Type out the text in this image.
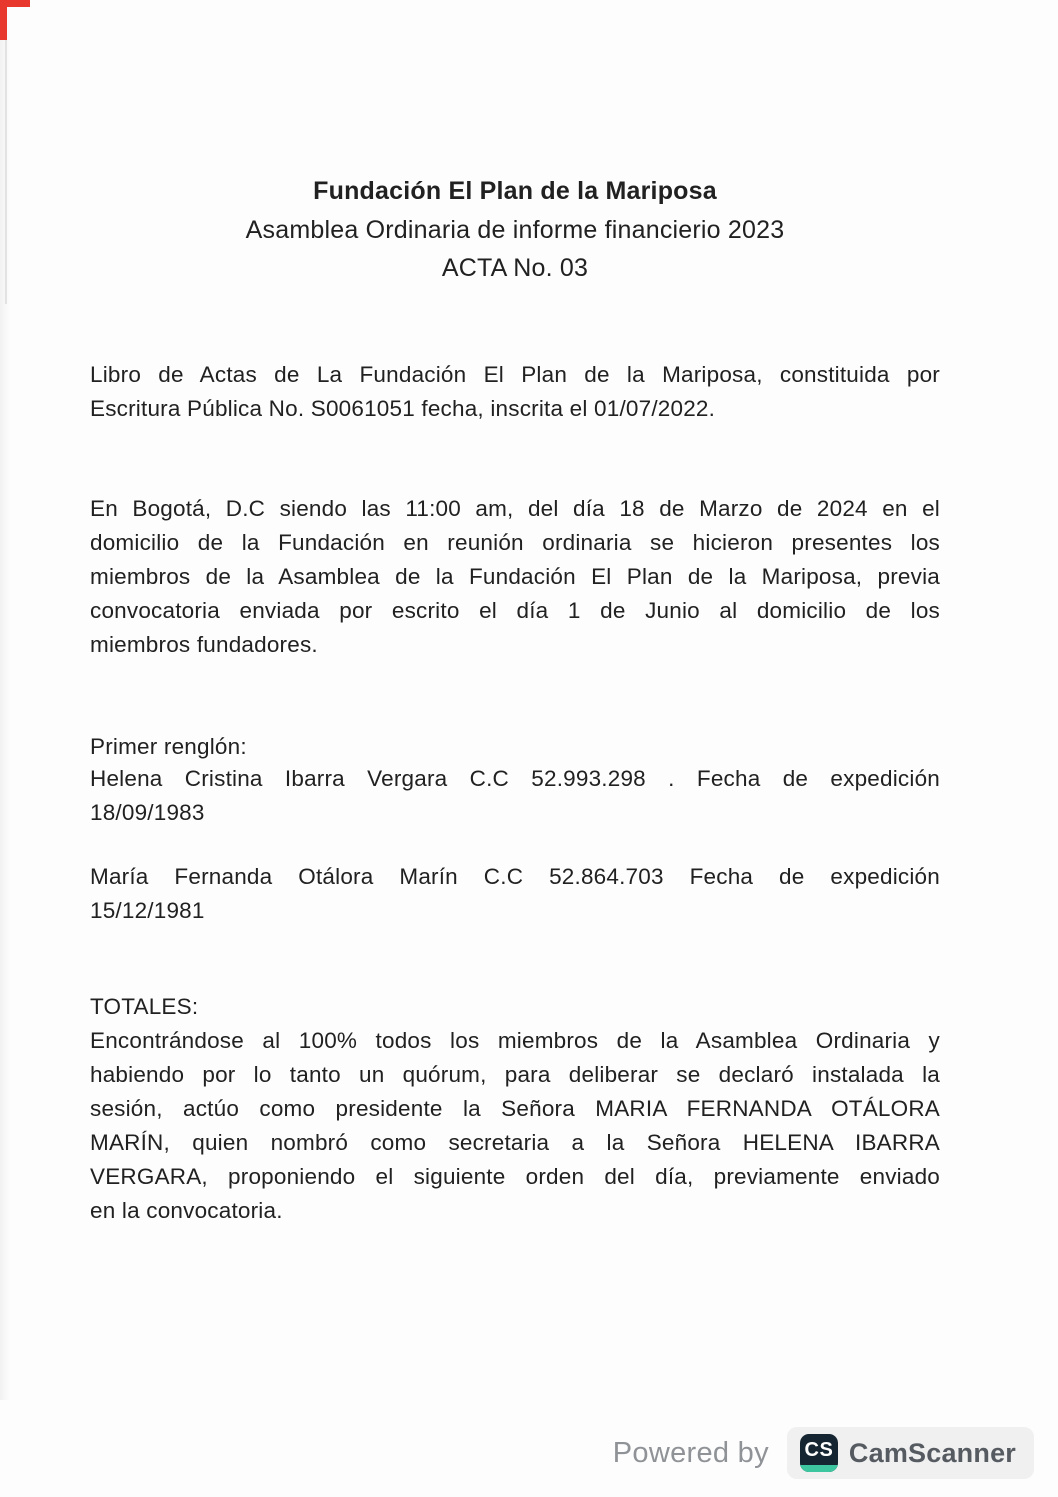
Fundación El Plan de la Mariposa
Asamblea Ordinaria de informe financierio 2023
ACTA No. 03
Libro de Actas de La Fundación El Plan de la Mariposa, constituida por
Escritura Pública No. S0061051 fecha, inscrita el 01/07/2022.
En Bogotá, D.C siendo las 11:00 am, del día 18 de Marzo de 2024 en el
domicilio de la Fundación en reunión ordinaria se hicieron presentes los
miembros de la Asamblea de la Fundación El Plan de la Mariposa, previa
convocatoria enviada por escrito el día 1 de Junio al domicilio de los
miembros fundadores.
Primer renglón:
Helena Cristina Ibarra Vergara C.C 52.993.298 . Fecha de expedición
18/09/1983
María Fernanda Otálora Marín C.C 52.864.703 Fecha de expedición
15/12/1981
TOTALES:
Encontrándose al 100% todos los miembros de la Asamblea Ordinaria y
habiendo por lo tanto un quórum, para deliberar se declaró instalada la
sesión, actúo como presidente la Señora MARIA FERNANDA OTÁLORA
MARÍN, quien nombró como secretaria a la Señora HELENA IBARRA
VERGARA, proponiendo el siguiente orden del día, previamente enviado
en la convocatoria.
Powered by CS CamScanner
